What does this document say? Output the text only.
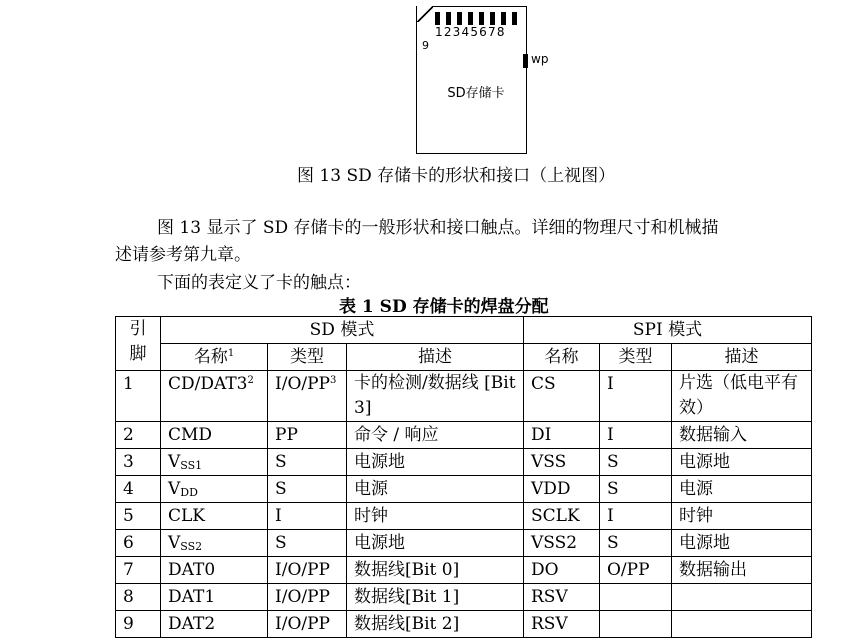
12345678
9
wp
SD存储卡
图 13 SD 存储卡的形状和接口（上视图）
图 13 显示了 SD 存储卡的一般形状和接口触点。详细的物理尺寸和机械描
述请参考第九章。
下面的表定义了卡的触点：
表 1 SD 存储卡的焊盘分配
引脚	SD 模式			SPI 模式		
	名称$^1$	类型	描述	名称	类型	描述
1	$CD/DAT3^2$	$I/O/PP^3$	卡的检测/数据线 [Bit 3]	CS	I	片选（低电平有效）
2	CMD	PP	命令 / 响应	DI	I	数据输入
3	$V_{SS1}$	S	电源地	VSS	S	电源地
4	$V_{DD}$	S	电源	VDD	S	电源
5	CLK	I	时钟	SCLK	I	时钟
6	$V_{SS2}$	S	电源地	VSS2	S	电源地
7	DAT0	I/O/PP	数据线[Bit 0]	DO	O/PP	数据输出
8	DAT1	I/O/PP	数据线[Bit 1]	RSV		
9	DAT2	I/O/PP	数据线[Bit 2]	RSV		
